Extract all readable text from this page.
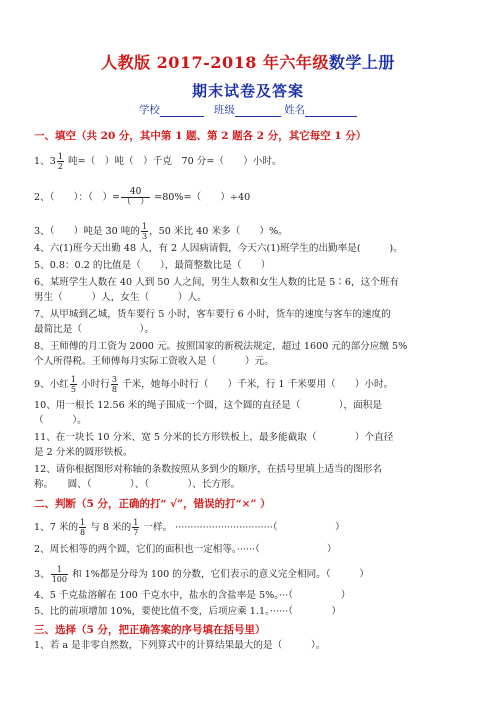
人教版 2017-2018 年六年级数学上册
期末试卷及答案
学校	班级	姓名
一、填空（共 20 分，其中第 1 题、第 2 题各 2 分，其它每空 1 分）
1、$3 \frac{1}{2}$ 吨=（　）吨（　）千克　70 分=（　　）小时。
2、（　　）：（　）= $\frac{40}{( )} =80\%=$（　　）÷40
3、（　　）吨是 30 吨的 $\frac{1}{3}$ ，50 米比 40 米多（　　）%。
4、六(1)班今天出勤 48 人，有 2 人因病请假，今天六(1)班学生的出勤率是(　　　)。
5、0.8：0.2 的比值是（　　），最简整数比是（　　）
6、某班学生人数在 40 人到 50 人之间，男生人数和女生人数的比是 5∶6，这个班有
男生（　　　）人，女生（　　　）人。
7、从甲城到乙城，货车要行 5 小时，客车要行 6 小时，货车的速度与客车的速度的
最简比是（　　　　　　）。
8、王师傅的月工资为 2000 元。按照国家的新税法规定，超过 1600 元的部分应缴 5%
个人所得税。王师傅每月实际工资收入是（　　　）元。
9、小红 $\frac{1}{5}$ 小时行 $\frac{3}{8}$ 千米，她每小时行（　　）千米，行 1 千米要用（　　）小时。
10、用一根长 12.56 米的绳子围成一个圆，这个圆的直径是（　　　　），面积是
（　　　）。
11、在一块长 10 分米、宽 5 分米的长方形铁板上，最多能截取（　　　　）个直径
是 2 分米的圆形铁板。
12、请你根据图形对称轴的条数按照从多到少的顺序，在括号里填上适当的图形名
称。　　圆、（　　　　）、（　　　　）、长方形。
二、判断（5 分，正确的打“ √”，错误的打“×” ）
1、7 米的 $\frac{1}{8}$ 与 8 米的 $\frac{1}{7}$ 一样。 ································（　　　　　　）
2、周长相等的两个圆，它们的面积也一定相等。······（　　　　　　　）
3、 $\frac{1}{100}$ 和 1%都是分母为 100 的分数，它们表示的意义完全相同。（　　　）
4、5 千克盐溶解在 100 千克水中，盐水的含盐率是 5%。···（　　　　　）
5、比的前项增加 10%，要使比值不变，后项应乘 1.1。······（　　　　）
三、选择（5 分，把正确答案的序号填在括号里）
1、若 a 是非零自然数，下列算式中的计算结果最大的是（　　　）。
